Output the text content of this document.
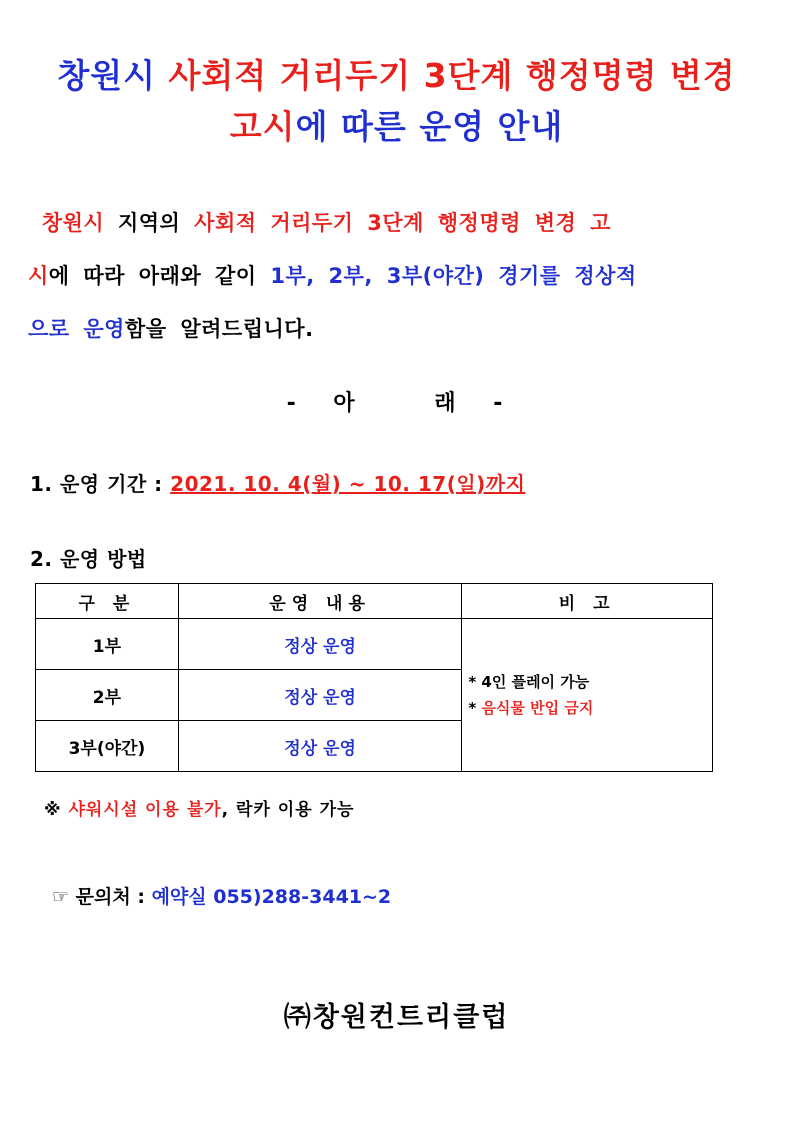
창원시 사회적 거리두기 3단계 행정명령 변경
고시에 따른 운영 안내
창원시 지역의 사회적 거리두기 3단계 행정명령 변경 고
시에 따라 아래와 같이 1부, 2부, 3부(야간) 경기를 정상적
으로 운영함을 알려드립니다.
- 아	래 -
1. 운영 기간 : 2021. 10. 4(월) ~ 10. 17(일)까지
2. 운영 방법
구 분	운영 내용	비 고
1부	정상 운영	* 4인 플레이 가능
* 음식물 반입 금지
2부	정상 운영	
3부(야간)	정상 운영	
※ 샤워시설 이용 불가, 락카 이용 가능
☞ 문의처 : 예약실 055)288-3441~2
㈜창원컨트리클럽
